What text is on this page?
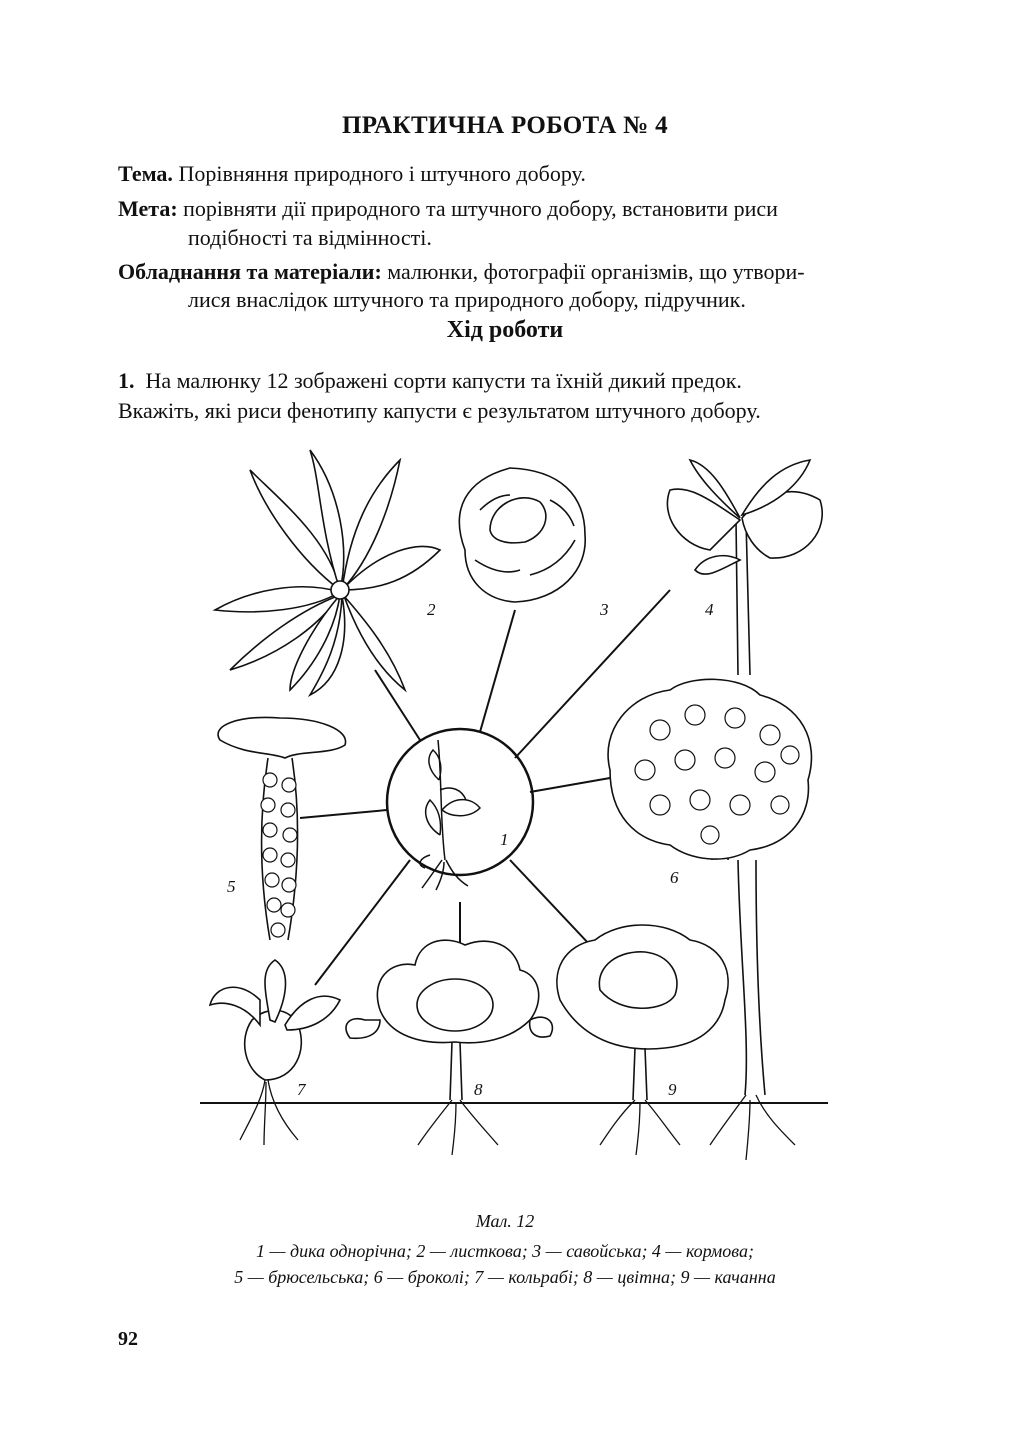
ПРАКТИЧНА РОБОТА № 4
Тема. Порівняння природного і штучного добору.
Мета: порівняти дії природного та штучного добору, встановити риси
подібності та відмінності.
Обладнання та матеріали: малюнки, фотографії організмів, що утвори-
лися внаслідок штучного та природного добору, підручник.
Хід роботи
1. На малюнку 12 зображені сорти капусти та їхній дикий предок.
Вкажіть, які риси фенотипу капусти є результатом штучного добору.
1
2	3	4
5	6
7	8	9
Мал. 12
1 — дика однорічна; 2 — листкова; 3 — савойська; 4 — кормова;
5 — брюсельська; 6 — броколі; 7 — кольрабі; 8 — цвітна; 9 — качанна
92
